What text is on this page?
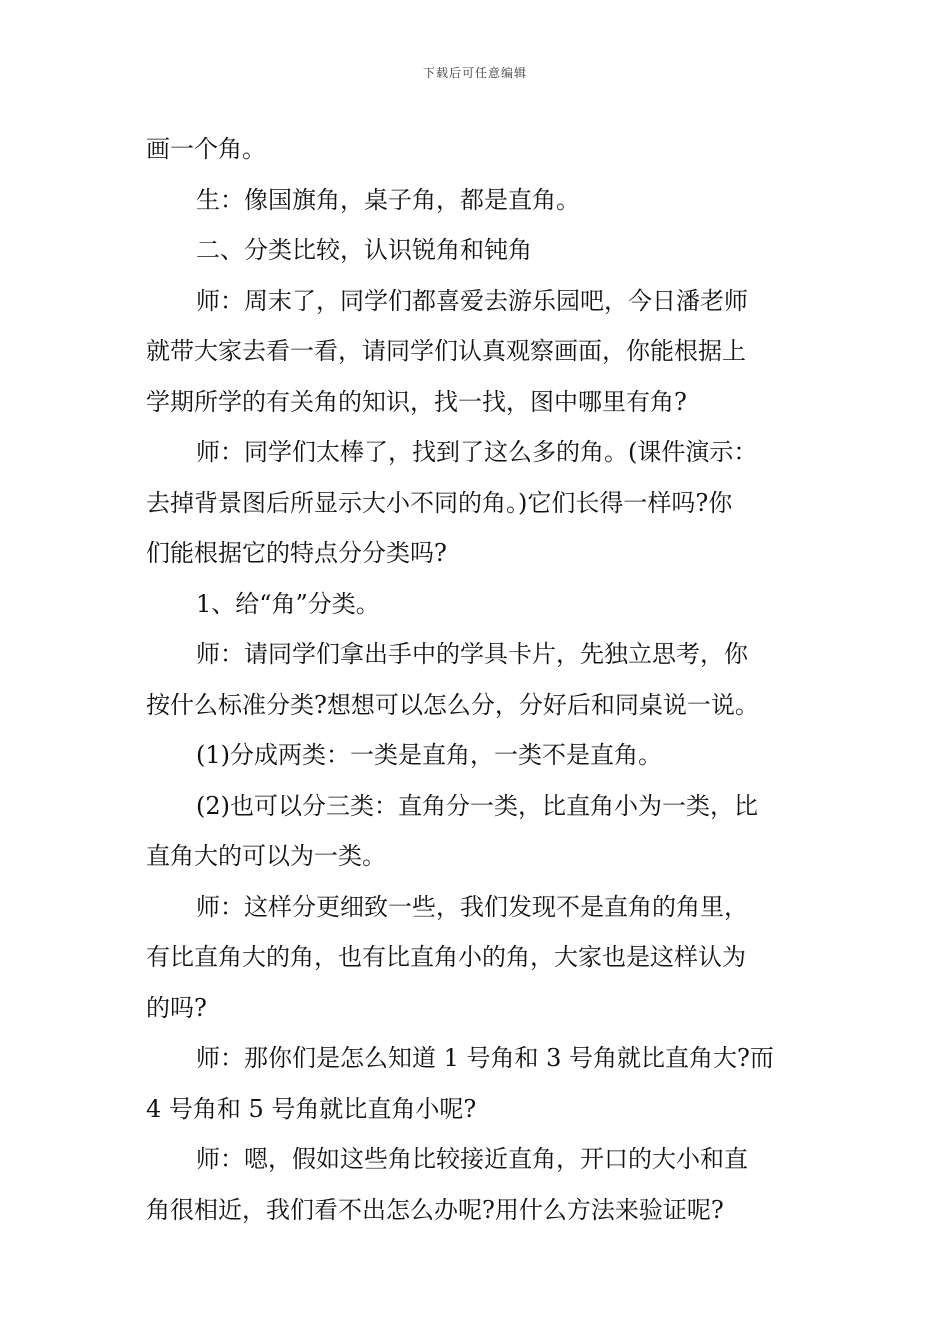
下载后可任意编辑
画一个角。
生：像国旗角，桌子角，都是直角。
二、分类比较，认识锐角和钝角
师：周末了，同学们都喜爱去游乐园吧，今日潘老师
就带大家去看一看，请同学们认真观察画面，你能根据上
学期所学的有关角的知识，找一找，图中哪里有角?
师：同学们太棒了，找到了这么多的角。(课件演示：
去掉背景图后所显示大小不同的角。)它们长得一样吗?你
们能根据它的特点分分类吗?
1、给“角”分类。
师：请同学们拿出手中的学具卡片，先独立思考，你
按什么标准分类?想想可以怎么分，分好后和同桌说一说。
(1)分成两类：一类是直角，一类不是直角。
(2)也可以分三类：直角分一类，比直角小为一类，比
直角大的可以为一类。
师：这样分更细致一些，我们发现不是直角的角里，
有比直角大的角，也有比直角小的角，大家也是这样认为
的吗?
师：那你们是怎么知道 1 号角和 3 号角就比直角大?而
4 号角和 5 号角就比直角小呢?
师：嗯，假如这些角比较接近直角，开口的大小和直
角很相近，我们看不出怎么办呢?用什么方法来验证呢?
